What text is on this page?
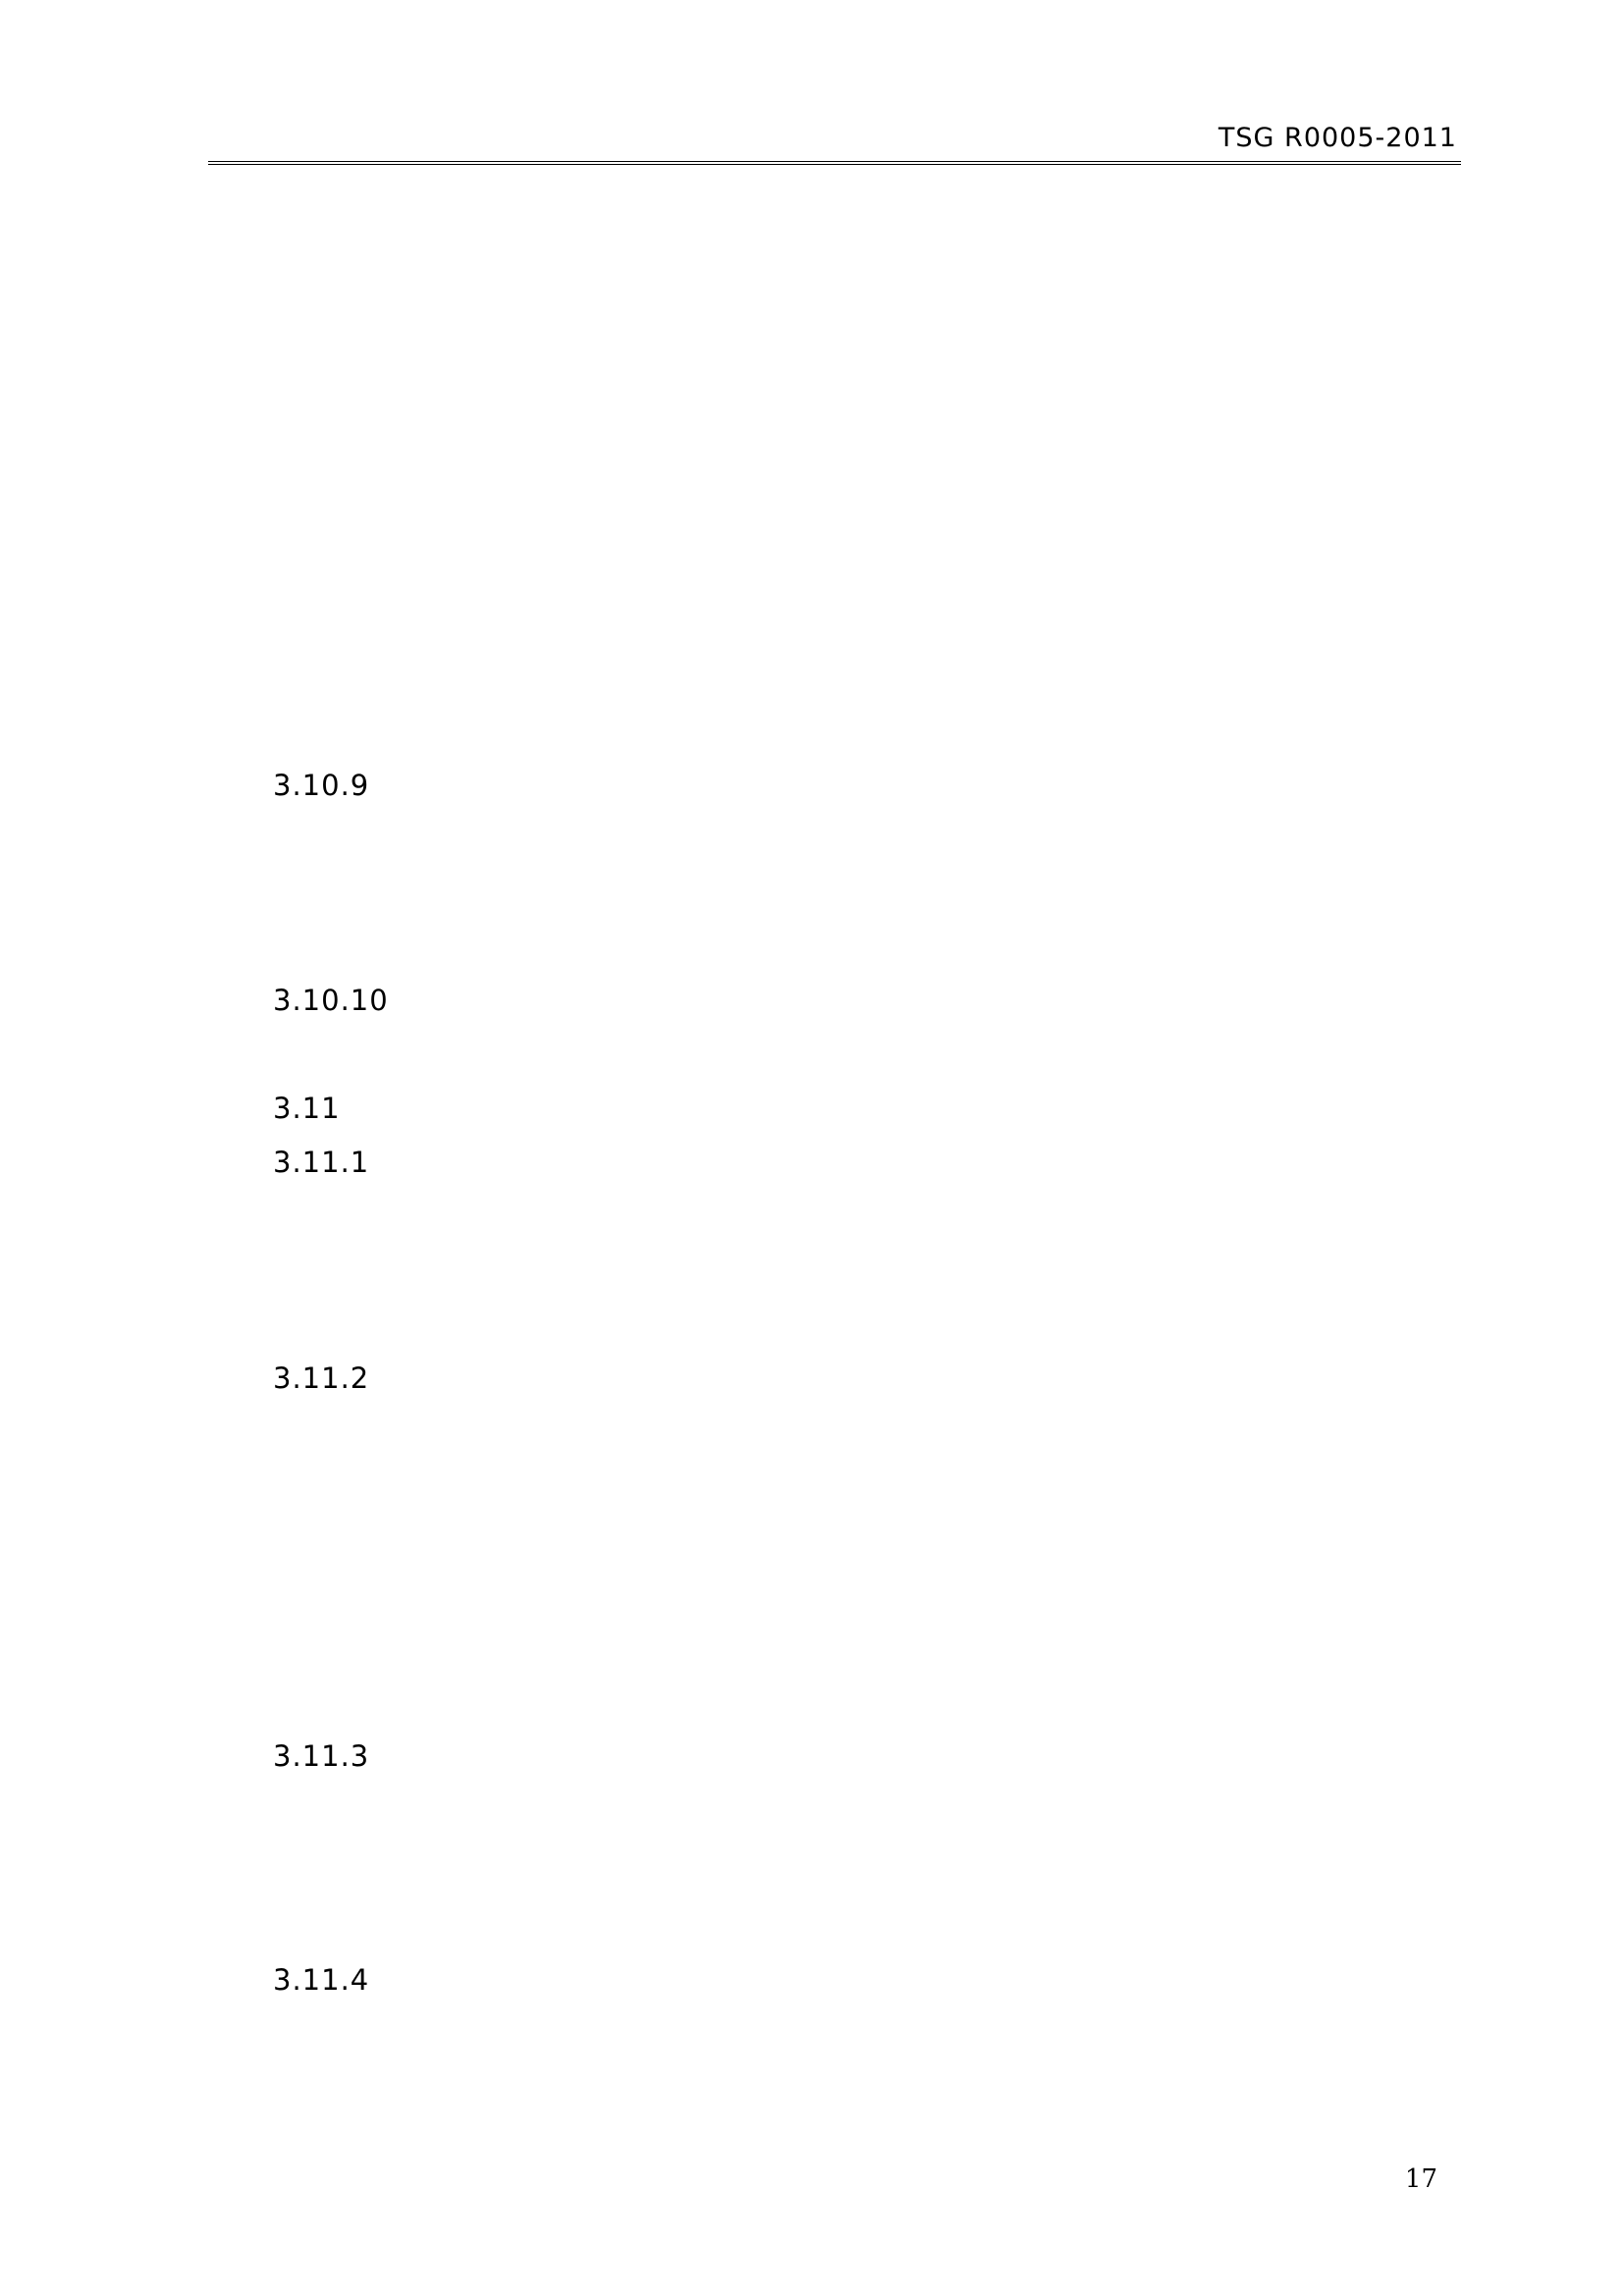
TSG R0005-2011
3.10.9
3.10.10
3.11
3.11.1
3.11.2
3.11.3
3.11.4
17
